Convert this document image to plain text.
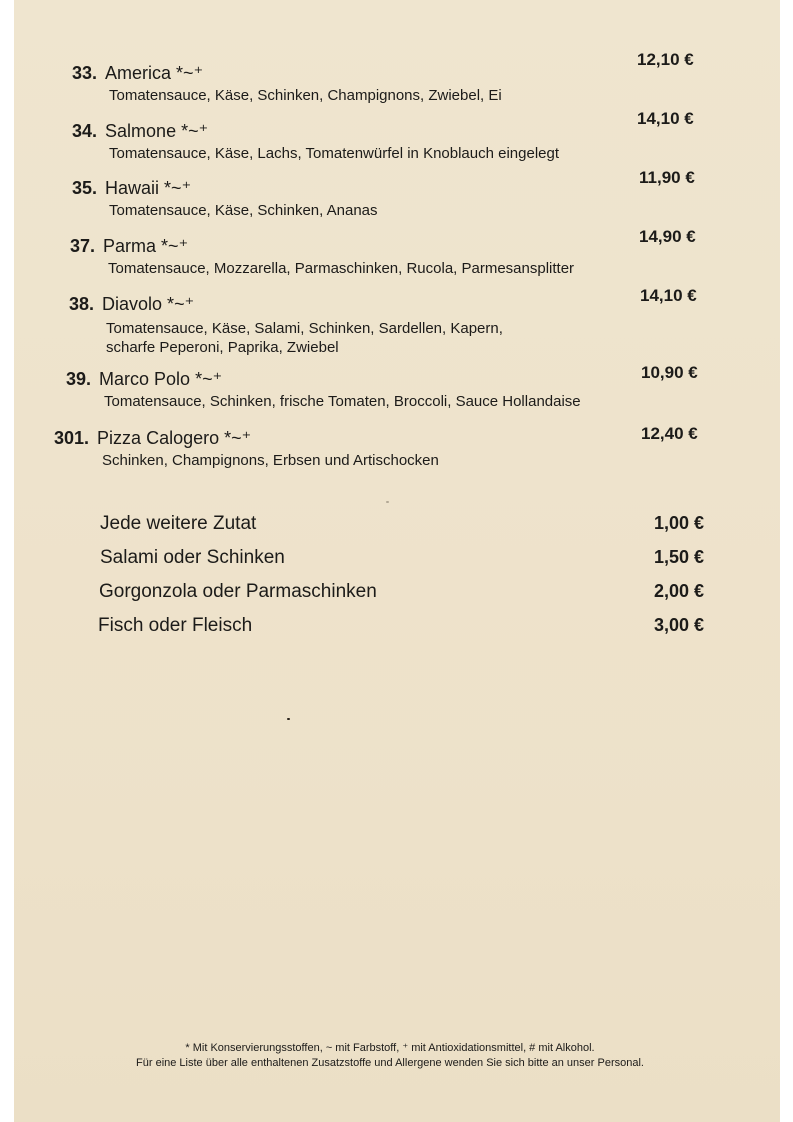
33. America *~⁺
Tomatensauce, Käse, Schinken, Champignons, Zwiebel, Ei
12,10 €
34. Salmone *~⁺
Tomatensauce, Käse, Lachs, Tomatenwürfel in Knoblauch eingelegt
14,10 €
35. Hawaii *~⁺
Tomatensauce, Käse, Schinken, Ananas
11,90 €
37. Parma *~⁺
Tomatensauce, Mozzarella, Parmaschinken, Rucola, Parmesansplitter
14,90 €
38. Diavolo *~⁺
Tomatensauce, Käse, Salami, Schinken, Sardellen, Kapern,
scharfe Peperoni, Paprika, Zwiebel
14,10 €
39. Marco Polo *~⁺
Tomatensauce, Schinken, frische Tomaten, Broccoli, Sauce Hollandaise
10,90 €
301. Pizza Calogero *~⁺
Schinken, Champignons, Erbsen und Artischocken
12,40 €
Jede weitere Zutat	1,00 €
Salami oder Schinken	1,50 €
Gorgonzola oder Parmaschinken	2,00 €
Fisch oder Fleisch	3,00 €
* Mit Konservierungsstoffen, ~ mit Farbstoff, ⁺ mit Antioxidationsmittel, # mit Alkohol.
Für eine Liste über alle enthaltenen Zusatzstoffe und Allergene wenden Sie sich bitte an unser Personal.
